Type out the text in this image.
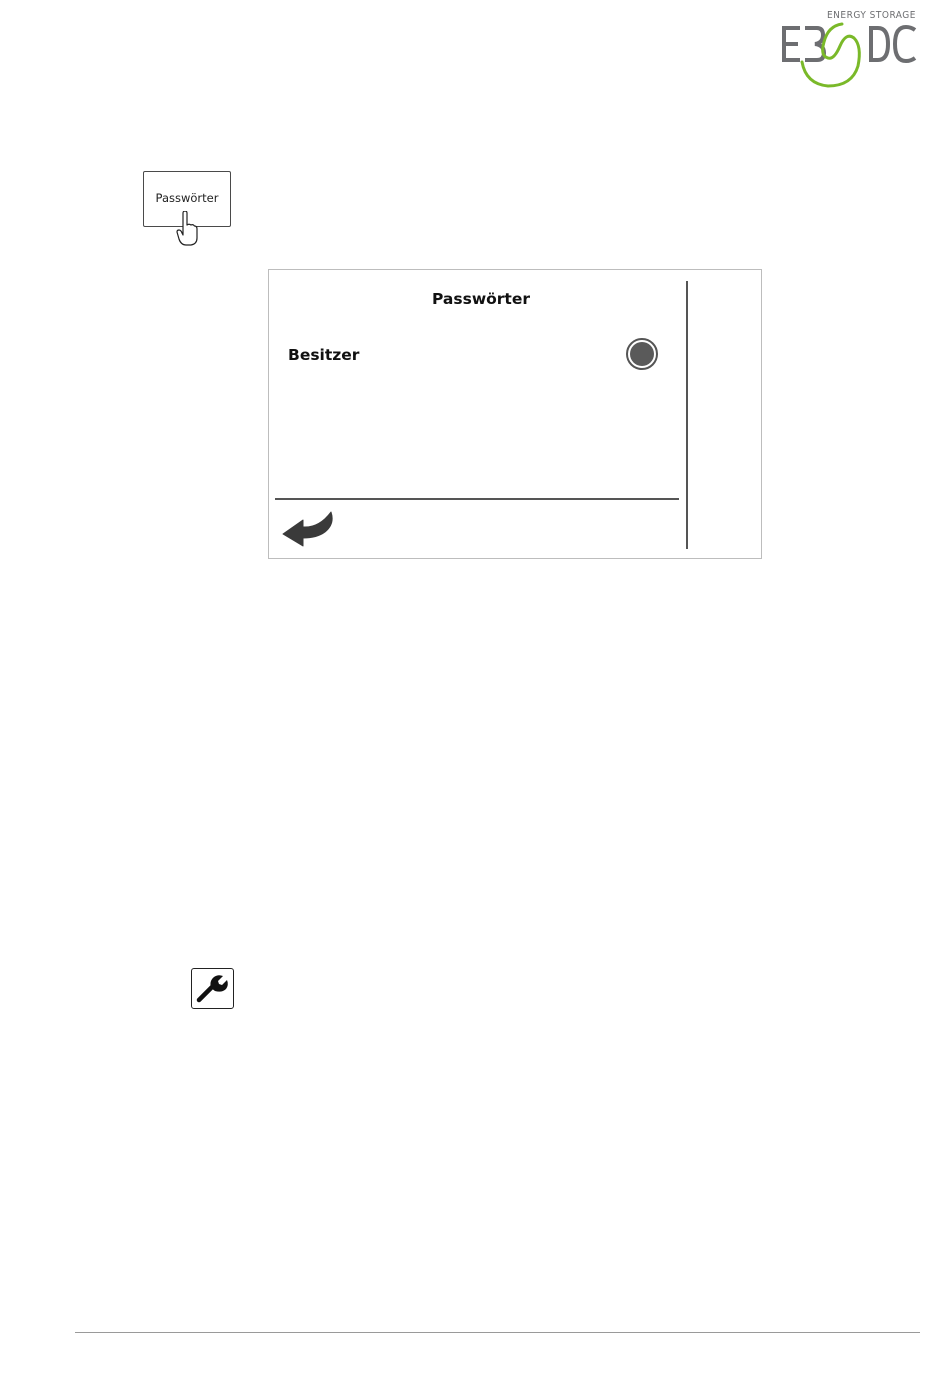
ENERGY STORAGE
Passwörter
Passwörter
Besitzer
